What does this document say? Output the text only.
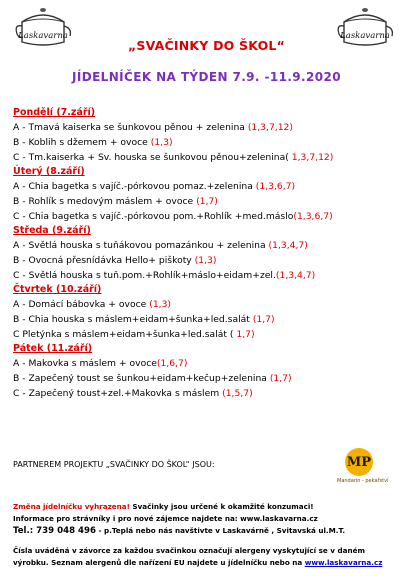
Laskavarna	Laskavarna
„SVAČINKY DO ŠKOL“
JÍDELNÍČEK NA TÝDEN 7.9. -11.9.2020
Pondělí (7.září)
A - Tmavá kaiserka se šunkovou pěnou + zelenina (1,3,7,12)
B - Koblih s džemem + ovoce (1,3)
C - Tm.kaiserka + Sv. houska se šunkovou pěnou+zelenina( 1,3,7,12)
Úterý (8.září)
A - Chia bagetka s vajíč.-pórkovou pomaz.+zelenina (1,3,6,7)
B - Rohlík s medovým máslem + ovoce (1,7)
C - Chia bagetka s vajíč.-pórkovou pom.+Rohlík +med.máslo(1,3,6,7)
Středa (9.září)
A - Světlá houska s tuňákovou pomazánkou + zelenina (1,3,4,7)
B - Ovocná přesnídávka Hello+ piškoty (1,3)
C - Světlá houska s tuň.pom.+Rohlík+máslo+eidam+zel.(1,3,4,7)
Čtvrtek (10.září)
A - Domácí bábovka + ovoce (1,3)
B - Chia houska s máslem+eidam+šunka+led.salát (1,7)
C Pletýnka s máslem+eidam+šunka+led.salát ( 1,7)
Pátek (11.září)
A - Makovka s máslem + ovoce(1,6,7)
B - Zapečený toust se šunkou+eidam+kečup+zelenina (1,7)
C - Zapečený toust+zel.+Makovka s máslem (1,5,7)
PARTNEREM PROJEKTU „SVAČINKY DO ŠKOL“ JSOU:	MP
Mandarin - pekařství
Změna jídelníčku vyhrazena! Svačinky jsou určené k okamžité konzumaci!
Informace pro strávníky i pro nové zájemce najdete na: www.laskavarna.cz
Tel.: 739 048 496 - p.Teplá nebo nás navštivte v Laskavárně , Svitavská ul.M.T.
Čísla uváděná v závorce za každou svačinkou označují alergeny vyskytující se v daném
výrobku. Seznam alergenů dle nařízení EU najdete u jídelníčku nebo na www.laskavarna.cz
